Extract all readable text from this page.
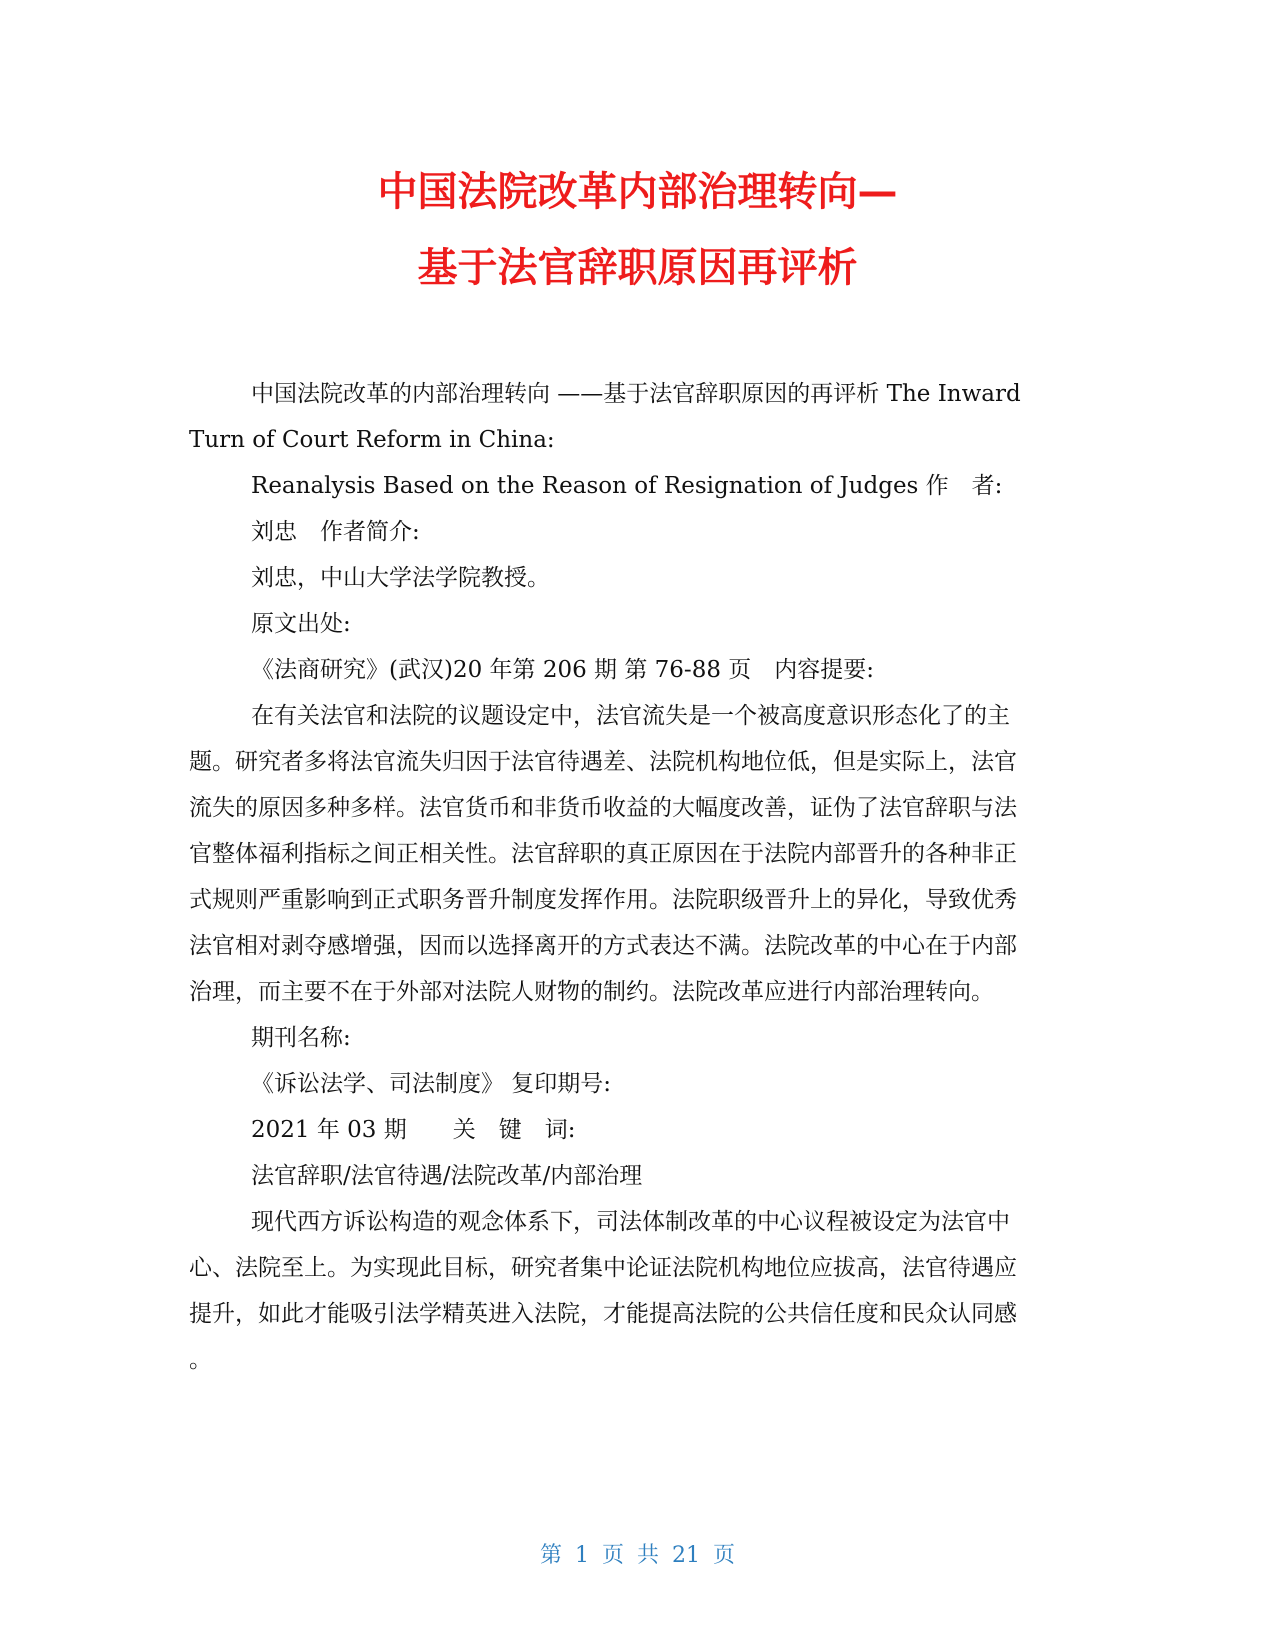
中国法院改革内部治理转向—
基于法官辞职原因再评析
中国法院改革的内部治理转向 ——基于法官辞职原因的再评析 The Inward
Turn of Court Reform in China:
Reanalysis Based on the Reason of Resignation of Judges 作　者:
刘忠　作者简介:
刘忠，中山大学法学院教授。
原文出处:
《法商研究》(武汉)20 年第 206 期 第 76-88 页　内容提要:
在有关法官和法院的议题设定中，法官流失是一个被高度意识形态化了的主
题。研究者多将法官流失归因于法官待遇差、法院机构地位低，但是实际上，法官
流失的原因多种多样。法官货币和非货币收益的大幅度改善，证伪了法官辞职与法
官整体福利指标之间正相关性。法官辞职的真正原因在于法院内部晋升的各种非正
式规则严重影响到正式职务晋升制度发挥作用。法院职级晋升上的异化，导致优秀
法官相对剥夺感增强，因而以选择离开的方式表达不满。法院改革的中心在于内部
治理，而主要不在于外部对法院人财物的制约。法院改革应进行内部治理转向。
期刊名称:
《诉讼法学、司法制度》 复印期号:
2021 年 03 期　　关　键　词:
法官辞职/法官待遇/法院改革/内部治理
现代西方诉讼构造的观念体系下，司法体制改革的中心议程被设定为法官中
心、法院至上。为实现此目标，研究者集中论证法院机构地位应拔高，法官待遇应
提升，如此才能吸引法学精英进入法院，才能提高法院的公共信任度和民众认同感
。
第 1 页 共 21 页
